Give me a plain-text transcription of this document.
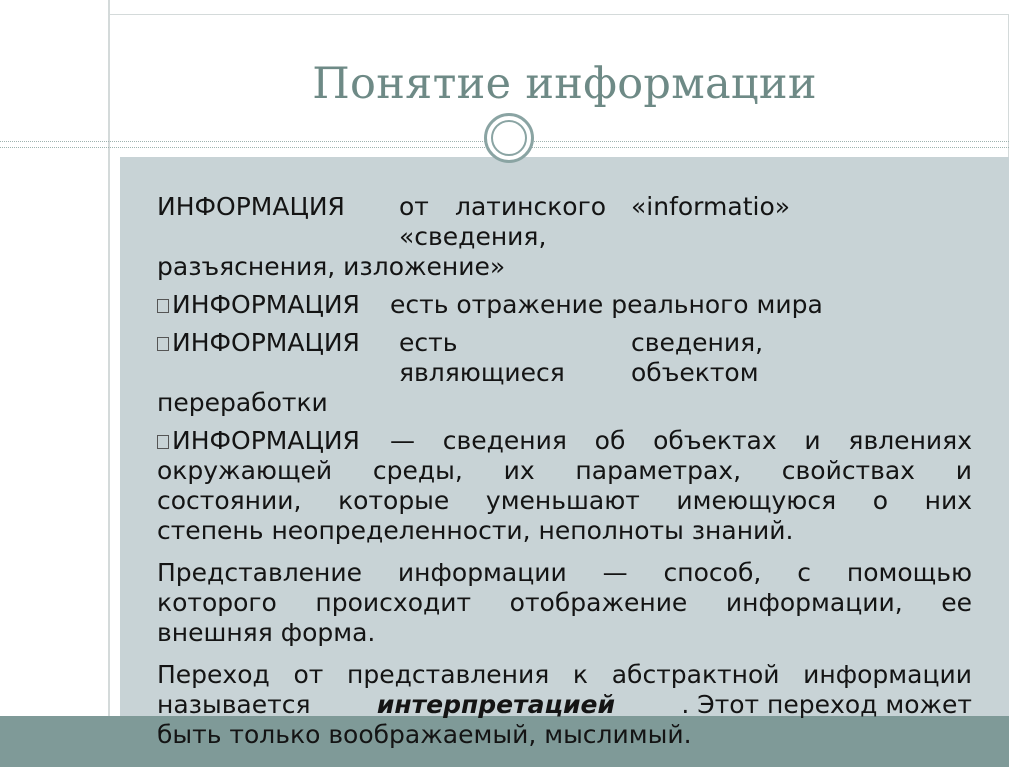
Понятие информации
ИНФОРМАЦИЯ от латинского «informatio»
«сведения,
разъяснения, изложение»
ИНФОРМАЦИЯ есть отражение реального мира
ИНФОРМАЦИЯ есть	сведения,
являющиеся	объектом
переработки
ИНФОРМАЦИЯ — сведения об объектах и явлениях
окружающей среды, их параметрах, свойствах и
состоянии, которые уменьшают имеющуюся о них
степень неопределенности, неполноты знаний.
Представление информации — способ, с помощью
которого происходит отображение информации, ее
внешняя форма.
Переход от представления к абстрактной информации
называется	интерпретацией	. Этот переход может
быть только воображаемый, мыслимый.
